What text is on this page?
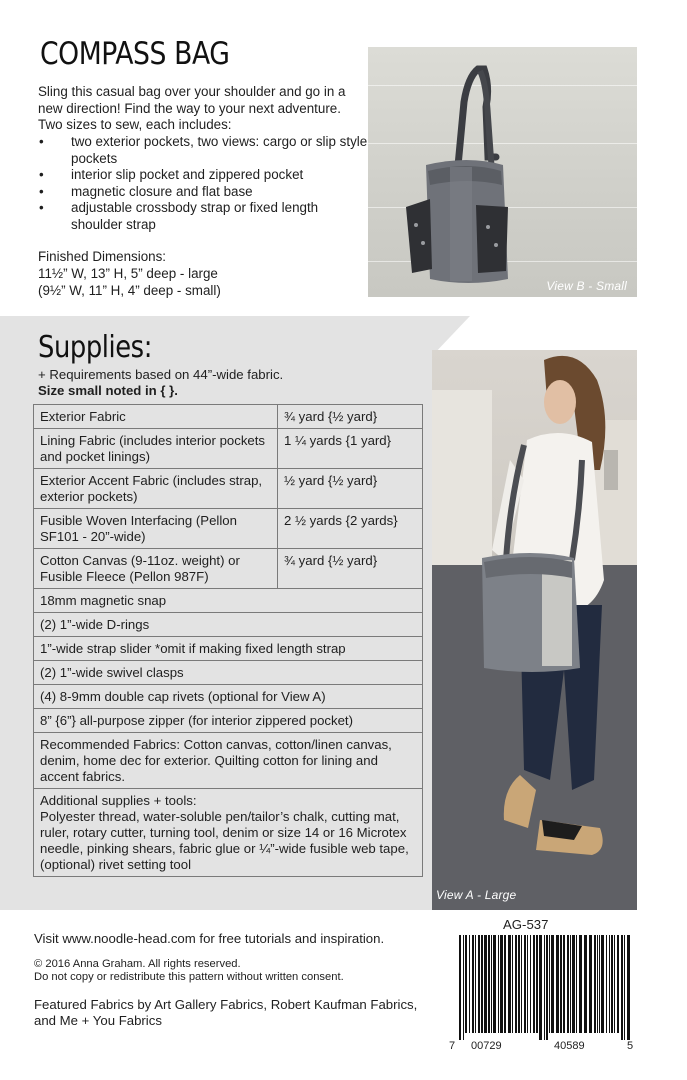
COMPASS BAG

Sling this casual bag over your shoulder and go in a new direction! Find the way to your next adventure. Two sizes to sew, each includes:

• two exterior pockets, two views: cargo or slip style pockets
• interior slip pocket and zippered pocket
• magnetic closure and flat base
• adjustable crossbody strap or fixed length shoulder strap
Finished Dimensions:
11½” W, 13” H, 5” deep - large
(9½” W, 11” H, 4” deep - small)	View B - Small
Supplies:
+ Requirements based on 44”-wide fabric.
Size small noted in { }.
Exterior Fabric	¾ yard {½ yard}
Lining Fabric (includes interior pockets and pocket linings)	1 ¼ yards {1 yard}
Exterior Accent Fabric (includes strap, exterior pockets)	½ yard {½ yard}
Fusible Woven Interfacing (Pellon SF101 - 20”-wide)	2 ½ yards {2 yards}
Cotton Canvas (9-11oz. weight) or Fusible Fleece (Pellon 987F)	¾ yard {½ yard}
18mm magnetic snap	
(2) 1”-wide D-rings	
1”-wide strap slider *omit if making fixed length strap	
(2) 1”-wide swivel clasps	
(4) 8-9mm double cap rivets (optional for View A)	
8” {6”} all-purpose zipper (for interior zippered pocket)	
Recommended Fabrics: Cotton canvas, cotton/linen canvas, denim, home dec for exterior. Quilting cotton for lining and accent fabrics.	

Additional supplies + tools:
Polyester thread, water-soluble pen/tailor’s chalk, cutting mat, ruler, rotary cutter, turning tool, denim or size 14 or 16 Microtex needle, pinking shears, fabric glue or ¼”-wide fusible web tape, (optional) rivet setting tool	
View A - Large
Visit www.noodle-head.com for free tutorials and inspiration.
© 2016 Anna Graham. All rights reserved.
Do not copy or redistribute this pattern without written consent.
Featured Fabrics by Art Gallery Fabrics, Robert Kaufman Fabrics, and Me + You Fabrics
AG-537
7 00729	40589	5
